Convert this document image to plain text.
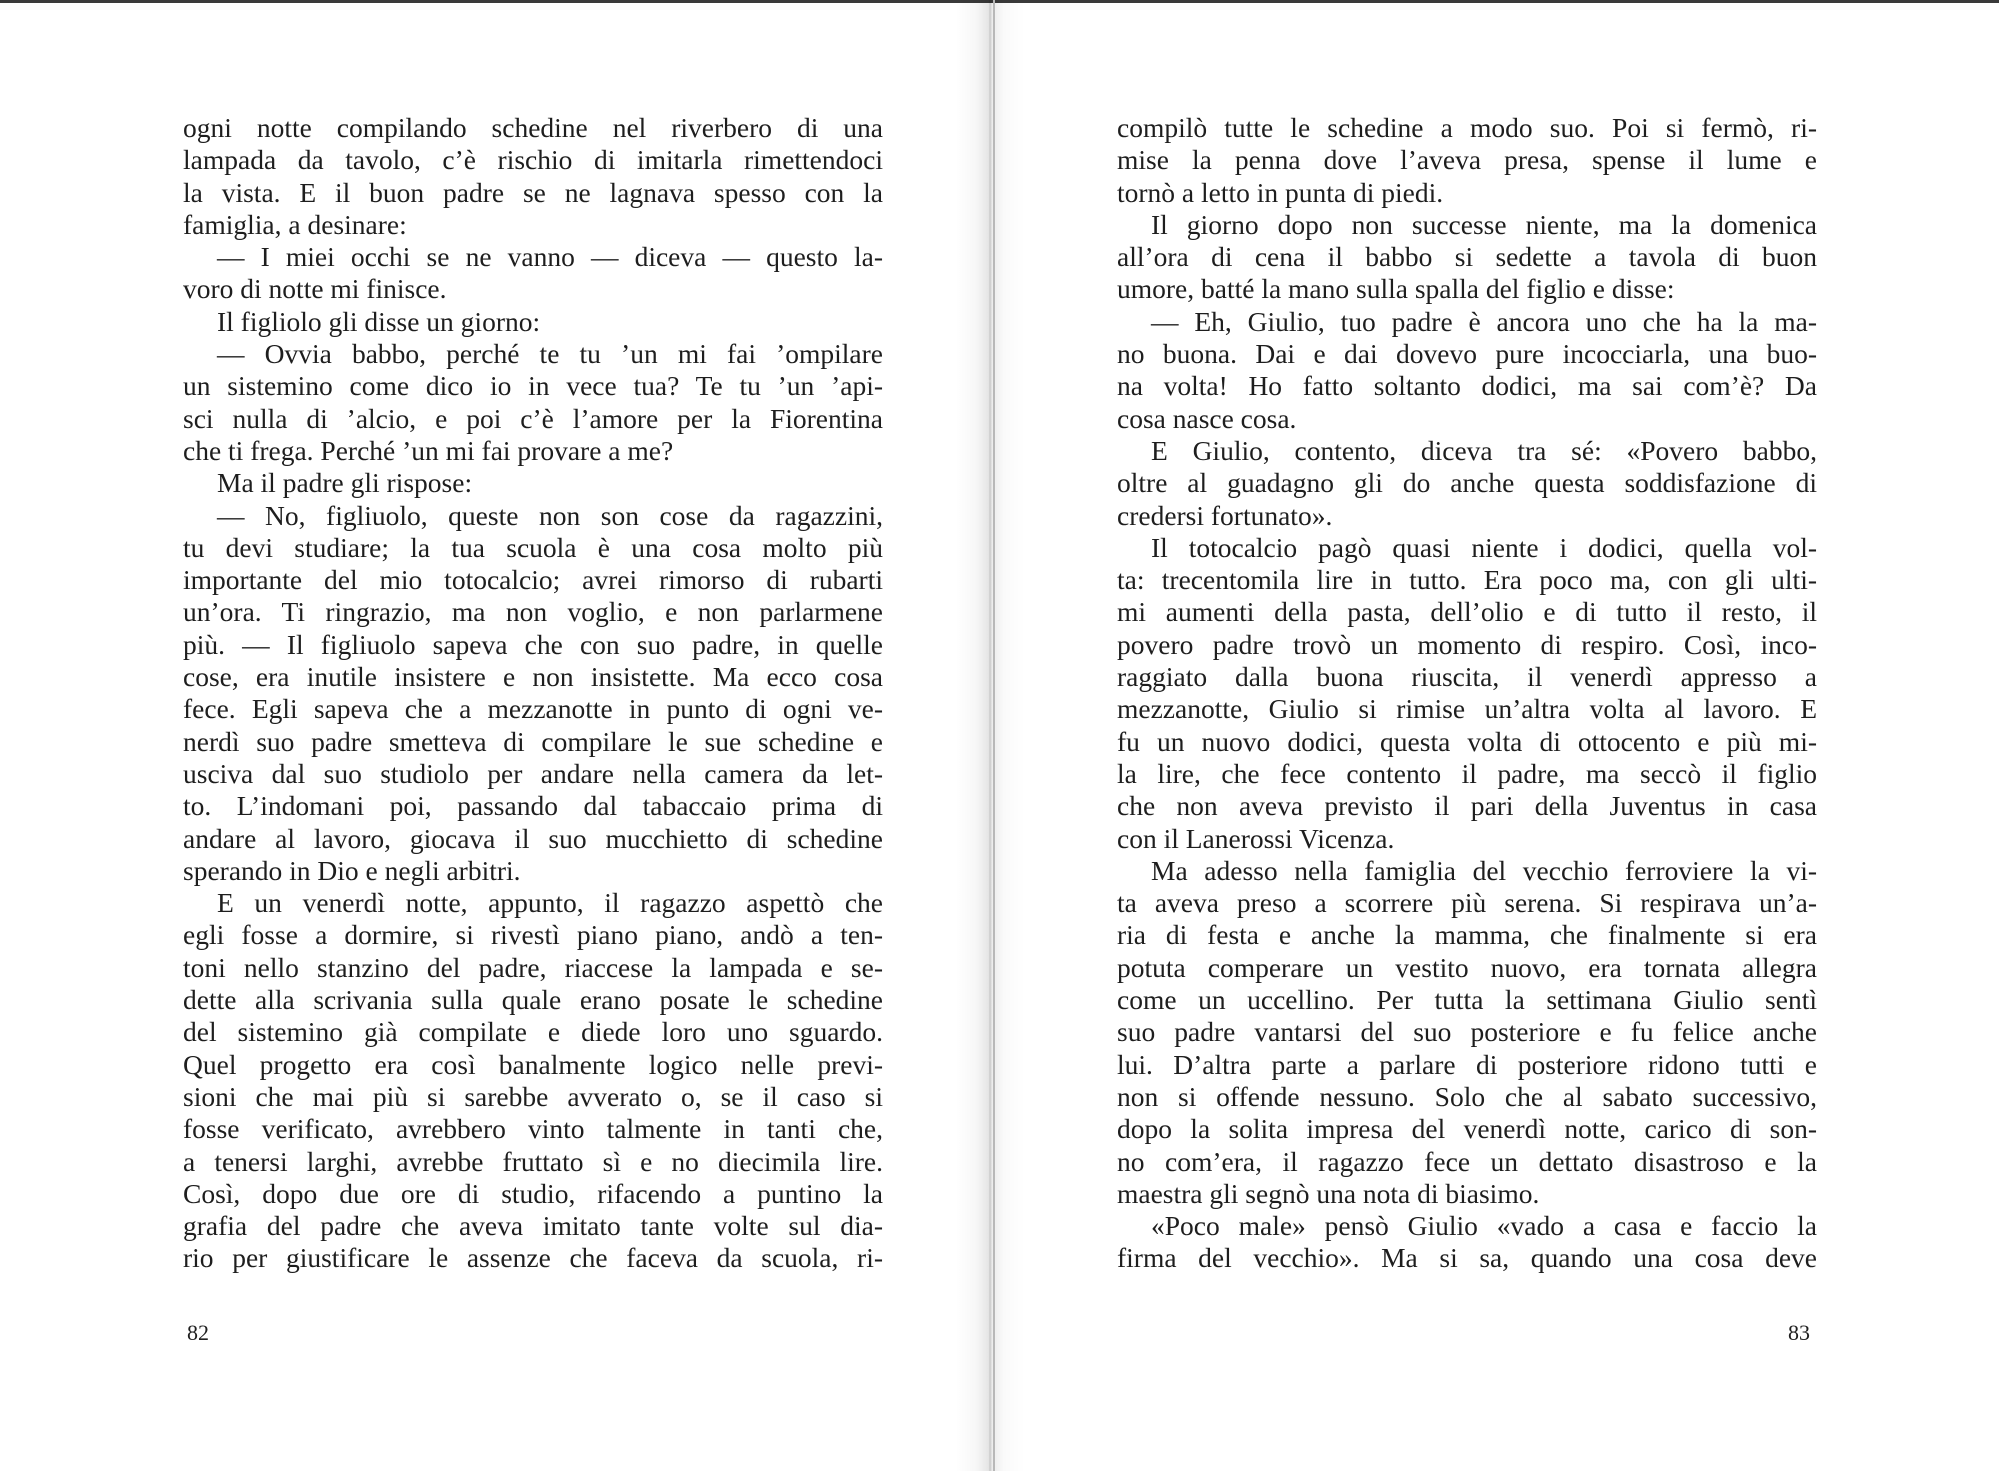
ogni notte compilando schedine nel riverbero di una
lampada da tavolo, c’è rischio di imitarla rimettendoci
la vista. E il buon padre se ne lagnava spesso con la
famiglia, a desinare:
— I miei occhi se ne vanno — diceva — questo la-
voro di notte mi finisce.
Il figliolo gli disse un giorno:
— Ovvia babbo, perché te tu ’un mi fai ’ompilare
un sistemino come dico io in vece tua? Te tu ’un ’api-
sci nulla di ’alcio, e poi c’è l’amore per la Fiorentina
che ti frega. Perché ’un mi fai provare a me?
Ma il padre gli rispose:
— No, figliuolo, queste non son cose da ragazzini,
tu devi studiare; la tua scuola è una cosa molto più
importante del mio totocalcio; avrei rimorso di rubarti
un’ora. Ti ringrazio, ma non voglio, e non parlarmene
più. — Il figliuolo sapeva che con suo padre, in quelle
cose, era inutile insistere e non insistette. Ma ecco cosa
fece. Egli sapeva che a mezzanotte in punto di ogni ve-
nerdì suo padre smetteva di compilare le sue schedine e
usciva dal suo studiolo per andare nella camera da let-
to. L’indomani poi, passando dal tabaccaio prima di
andare al lavoro, giocava il suo mucchietto di schedine
sperando in Dio e negli arbitri.
E un venerdì notte, appunto, il ragazzo aspettò che
egli fosse a dormire, si rivestì piano piano, andò a ten-
toni nello stanzino del padre, riaccese la lampada e se-
dette alla scrivania sulla quale erano posate le schedine
del sistemino già compilate e diede loro uno sguardo.
Quel progetto era così banalmente logico nelle previ-
sioni che mai più si sarebbe avverato o, se il caso si
fosse verificato, avrebbero vinto talmente in tanti che,
a tenersi larghi, avrebbe fruttato sì e no diecimila lire.
Così, dopo due ore di studio, rifacendo a puntino la
grafia del padre che aveva imitato tante volte sul dia-
rio per giustificare le assenze che faceva da scuola, ri-
82
compilò tutte le schedine a modo suo. Poi si fermò, ri-
mise la penna dove l’aveva presa, spense il lume e
tornò a letto in punta di piedi.
Il giorno dopo non successe niente, ma la domenica
all’ora di cena il babbo si sedette a tavola di buon
umore, batté la mano sulla spalla del figlio e disse:
— Eh, Giulio, tuo padre è ancora uno che ha la ma-
no buona. Dai e dai dovevo pure incocciarla, una buo-
na volta! Ho fatto soltanto dodici, ma sai com’è? Da
cosa nasce cosa.
E Giulio, contento, diceva tra sé: «Povero babbo,
oltre al guadagno gli do anche questa soddisfazione di
credersi fortunato».
Il totocalcio pagò quasi niente i dodici, quella vol-
ta: trecentomila lire in tutto. Era poco ma, con gli ulti-
mi aumenti della pasta, dell’olio e di tutto il resto, il
povero padre trovò un momento di respiro. Così, inco-
raggiato dalla buona riuscita, il venerdì appresso a
mezzanotte, Giulio si rimise un’altra volta al lavoro. E
fu un nuovo dodici, questa volta di ottocento e più mi-
la lire, che fece contento il padre, ma seccò il figlio
che non aveva previsto il pari della Juventus in casa
con il Lanerossi Vicenza.
Ma adesso nella famiglia del vecchio ferroviere la vi-
ta aveva preso a scorrere più serena. Si respirava un’a-
ria di festa e anche la mamma, che finalmente si era
potuta comperare un vestito nuovo, era tornata allegra
come un uccellino. Per tutta la settimana Giulio sentì
suo padre vantarsi del suo posteriore e fu felice anche
lui. D’altra parte a parlare di posteriore ridono tutti e
non si offende nessuno. Solo che al sabato successivo,
dopo la solita impresa del venerdì notte, carico di son-
no com’era, il ragazzo fece un dettato disastroso e la
maestra gli segnò una nota di biasimo.
«Poco male» pensò Giulio «vado a casa e faccio la
firma del vecchio». Ma si sa, quando una cosa deve
83
